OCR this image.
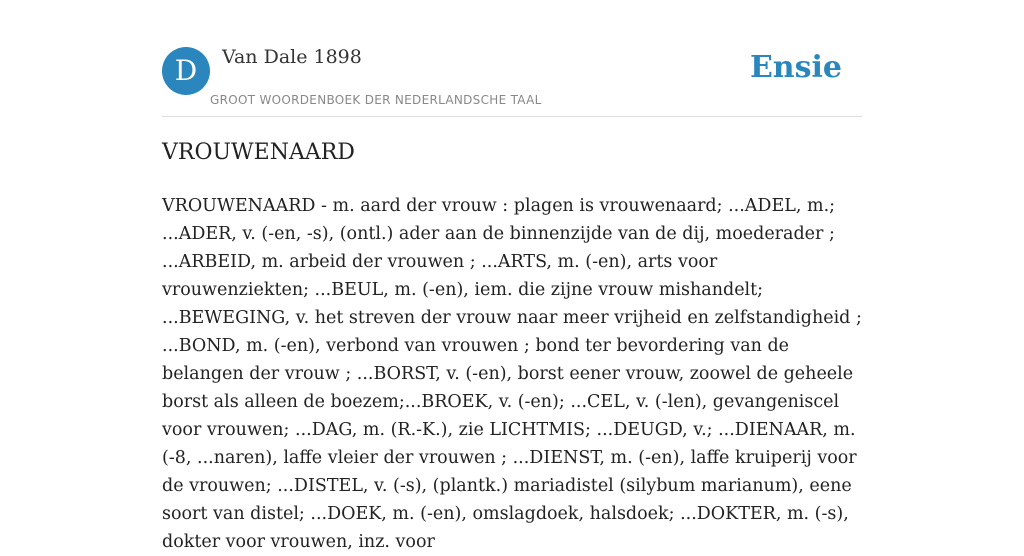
D	Van Dale 1898
GROOT WOORDENBOEK DER NEDERLANDSCHE TAAL
Ensie
VROUWENAARD

VROUWENAARD - m. aard der vrouw : plagen is vrouwenaard; ...ADEL, m.; ...ADER, v. (-en, -s), (ontl.) ader aan de binnenzijde van de dij, moederader ; ...ARBEID, m. arbeid der vrouwen ; ...ARTS, m. (-en), arts voor vrouwenziekten; ...BEUL, m. (-en), iem. die zijne vrouw mishandelt; ...BEWEGING, v. het streven der vrouw naar meer vrijheid en zelfstandigheid ; ...BOND, m. (-en), verbond van vrouwen ; bond ter bevordering van de belangen der vrouw ; ...BORST, v. (-en), borst eener vrouw, zoowel de geheele borst als alleen de boezem;...BROEK, v. (-en); ...CEL, v. (-len), gevangeniscel voor vrouwen; ...DAG, m. (R.-K.), zie LICHTMIS; ...DEUGD, v.; ...DIENAAR, m. (-8, ...naren), laffe vleier der vrouwen ; ...DIENST, m. (-en), laffe kruiperij voor de vrouwen; ...DISTEL, v. (-s), (plantk.) mariadistel (silybum marianum), eene soort van distel; ...DOEK, m. (-en), omslagdoek, halsdoek; ...DOKTER, m. (-s), dokter voor vrouwen, inz. voor
